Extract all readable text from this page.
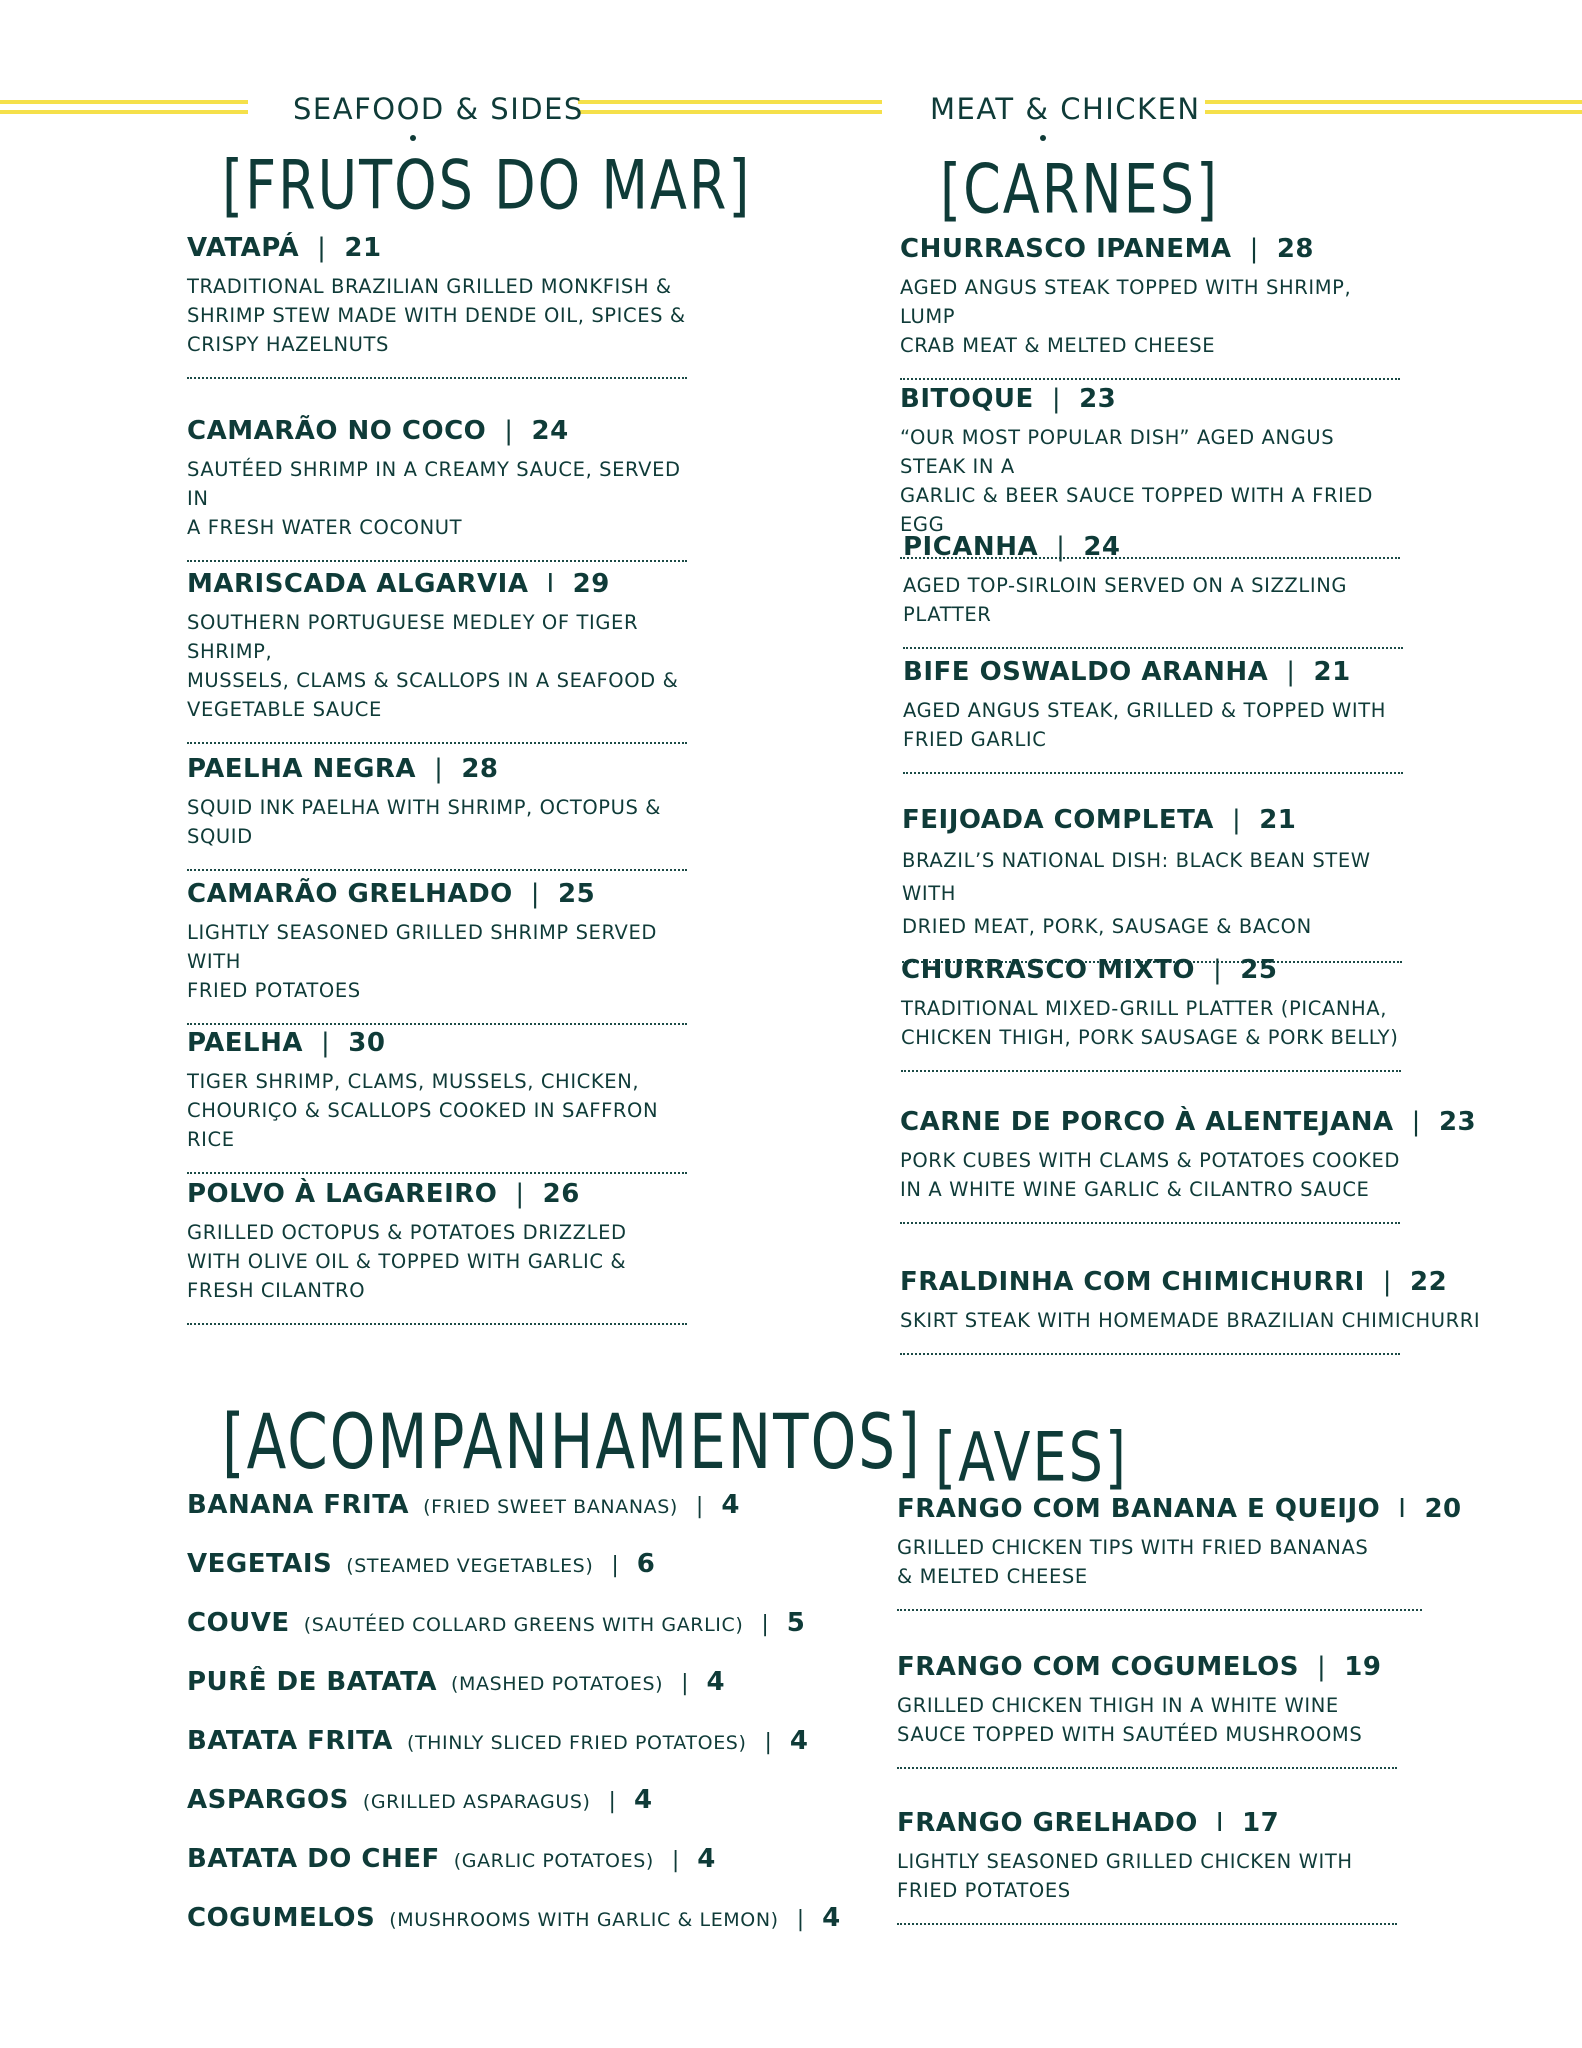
SEAFOOD & SIDES	MEAT & CHICKEN
[FRUTOS DO MAR]	[CARNES]
[ACOMPANHAMENTOS] [AVES]
VATAPÁ | 21
TRADITIONAL BRAZILIAN GRILLED MONKFISH &
SHRIMP STEW MADE WITH DENDE OIL, SPICES &
CRISPY HAZELNUTS
CAMARÃO NO COCO | 24
SAUTÉED SHRIMP IN A CREAMY SAUCE, SERVED IN
A FRESH WATER COCONUT
MARISCADA ALGARVIA I 29
SOUTHERN PORTUGUESE MEDLEY OF TIGER SHRIMP,
MUSSELS, CLAMS & SCALLOPS IN A SEAFOOD &
VEGETABLE SAUCE
PAELHA NEGRA | 28
SQUID INK PAELHA WITH SHRIMP, OCTOPUS & SQUID
CAMARÃO GRELHADO | 25
LIGHTLY SEASONED GRILLED SHRIMP SERVED WITH
FRIED POTATOES
PAELHA | 30
TIGER SHRIMP, CLAMS, MUSSELS, CHICKEN,
CHOURIÇO & SCALLOPS COOKED IN SAFFRON RICE
POLVO À LAGAREIRO | 26
GRILLED OCTOPUS & POTATOES DRIZZLED
WITH OLIVE OIL & TOPPED WITH GARLIC &
FRESH CILANTRO
BANANA FRITA (FRIED SWEET BANANAS) | 4
VEGETAIS (STEAMED VEGETABLES) | 6
COUVE (SAUTÉED COLLARD GREENS WITH GARLIC) | 5
PURÊ DE BATATA (MASHED POTATOES) | 4
BATATA FRITA (THINLY SLICED FRIED POTATOES) | 4
ASPARGOS (GRILLED ASPARAGUS) | 4
BATATA DO CHEF (GARLIC POTATOES) | 4
COGUMELOS (MUSHROOMS WITH GARLIC & LEMON) | 4
CHURRASCO IPANEMA | 28
AGED ANGUS STEAK TOPPED WITH SHRIMP, LUMP
CRAB MEAT & MELTED CHEESE
BITOQUE | 23
“OUR MOST POPULAR DISH” AGED ANGUS STEAK IN A
GARLIC & BEER SAUCE TOPPED WITH A FRIED EGG
PICANHA | 24
AGED TOP-SIRLOIN SERVED ON A SIZZLING PLATTER
BIFE OSWALDO ARANHA | 21
AGED ANGUS STEAK, GRILLED & TOPPED WITH
FRIED GARLIC
FEIJOADA COMPLETA | 21
BRAZIL’S NATIONAL DISH: BLACK BEAN STEW WITH
DRIED MEAT, PORK, SAUSAGE & BACON
CHURRASCO MIXTO | 25
TRADITIONAL MIXED-GRILL PLATTER (PICANHA,
CHICKEN THIGH, PORK SAUSAGE & PORK BELLY)
CARNE DE PORCO À ALENTEJANA | 23
PORK CUBES WITH CLAMS & POTATOES COOKED
IN A WHITE WINE GARLIC & CILANTRO SAUCE
FRALDINHA COM CHIMICHURRI | 22
SKIRT STEAK WITH HOMEMADE BRAZILIAN CHIMICHURRI
FRANGO COM BANANA E QUEIJO I 20
GRILLED CHICKEN TIPS WITH FRIED BANANAS
& MELTED CHEESE
FRANGO COM COGUMELOS | 19
GRILLED CHICKEN THIGH IN A WHITE WINE
SAUCE TOPPED WITH SAUTÉED MUSHROOMS
FRANGO GRELHADO I 17
LIGHTLY SEASONED GRILLED CHICKEN WITH
FRIED POTATOES
